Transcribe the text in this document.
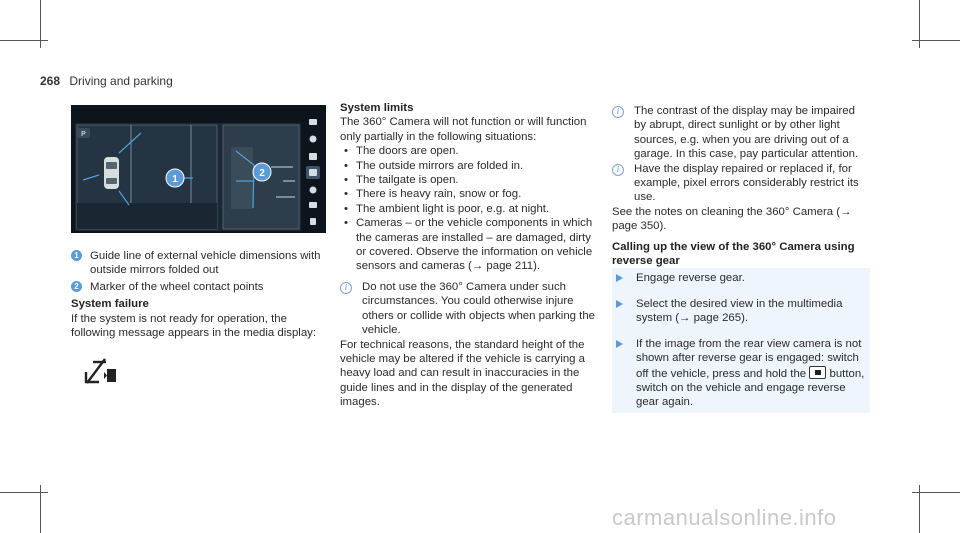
268 Driving and parking
1
2
P
1 Guide line of external vehicle dimensions with outside mirrors folded out

2 Marker of the wheel contact points

System failure

If the system is not ready for operation, the following message appears in the media display:

System limits

The 360° Camera will not function or will function only partially in the following situations:

• The doors are open.
• The outside mirrors are folded in.
• The tailgate is open.
• There is heavy rain, snow or fog.
• The ambient light is poor, e.g. at night.
• Cameras – or the vehicle components in which the cameras are installed – are damaged, dirty or covered. Observe the information on vehicle sensors and cameras (→ page 211).
i	Do not use the 360° Camera under such circumstances. You could otherwise injure others or collide with objects when parking the vehicle.

For technical reasons, the standard height of the vehicle may be altered if the vehicle is carrying a heavy load and can result in inaccuracies in the guide lines and in the display of the generated images.

i	The contrast of the display may be impaired by abrupt, direct sunlight or by other light sources, e.g. when you are driving out of a garage. In this case, pay particular attention.

i	Have the display repaired or replaced if, for example, pixel errors considerably restrict its use.

See the notes on cleaning the 360° Camera (→ page 350).

Calling up the view of the 360° Camera using reverse gear

Engage reverse gear.

Select the desired view in the multimedia system (→ page 265).

If the image from the rear view camera is not shown after reverse gear is engaged: switch off the vehicle, press and hold the button, switch on the vehicle and engage reverse gear again.

carmanualsonline.info
